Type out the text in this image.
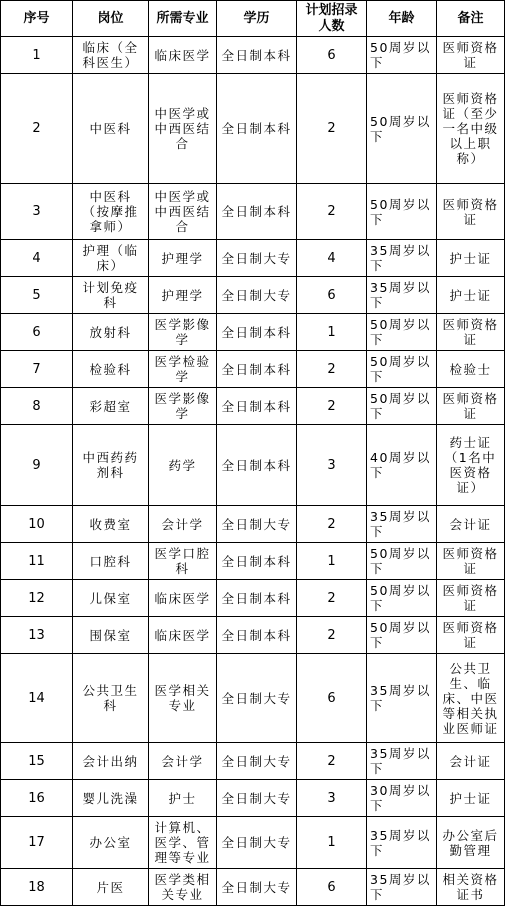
序号	岗位	所需专业	学历	计划招录人数	年龄	备注
1	临床（全科医生）	临床医学	全日制本科	6	50周岁以下	医师资格证
2	中医科	中医学或中西医结合	全日制本科	2	50周岁以下	医师资格证（至少一名中级以上职称）
3	中医科（按摩推拿师）	中医学或中西医结合	全日制本科	2	50周岁以下	医师资格证
4	护理（临床）	护理学	全日制大专	4	35周岁以下	护士证
5	计划免疫科	护理学	全日制大专	6	35周岁以下	护士证
6	放射科	医学影像学	全日制本科	1	50周岁以下	医师资格证
7	检验科	医学检验学	全日制本科	2	50周岁以下	检验士
8	彩超室	医学影像学	全日制本科	2	50周岁以下	医师资格证
9	中西药药剂科	药学	全日制本科	3	40周岁以下	药士证（1名中医资格证）
10	收费室	会计学	全日制大专	2	35周岁以下	会计证
11	口腔科	医学口腔科	全日制本科	1	50周岁以下	医师资格证
12	儿保室	临床医学	全日制本科	2	50周岁以下	医师资格证
13	围保室	临床医学	全日制本科	2	50周岁以下	医师资格证
14	公共卫生科	医学相关专业	全日制大专	6	35周岁以下	公共卫生、临床、中医等相关执业医师证
15	会计出纳	会计学	全日制大专	2	35周岁以下	会计证
16	婴儿洗澡	护士	全日制大专	3	30周岁以下	护士证
17	办公室	计算机、医学、管理等专业	全日制大专	1	35周岁以下	办公室后勤管理
18	片医	医学类相关专业	全日制大专	6	35周岁以下	相关资格证书
